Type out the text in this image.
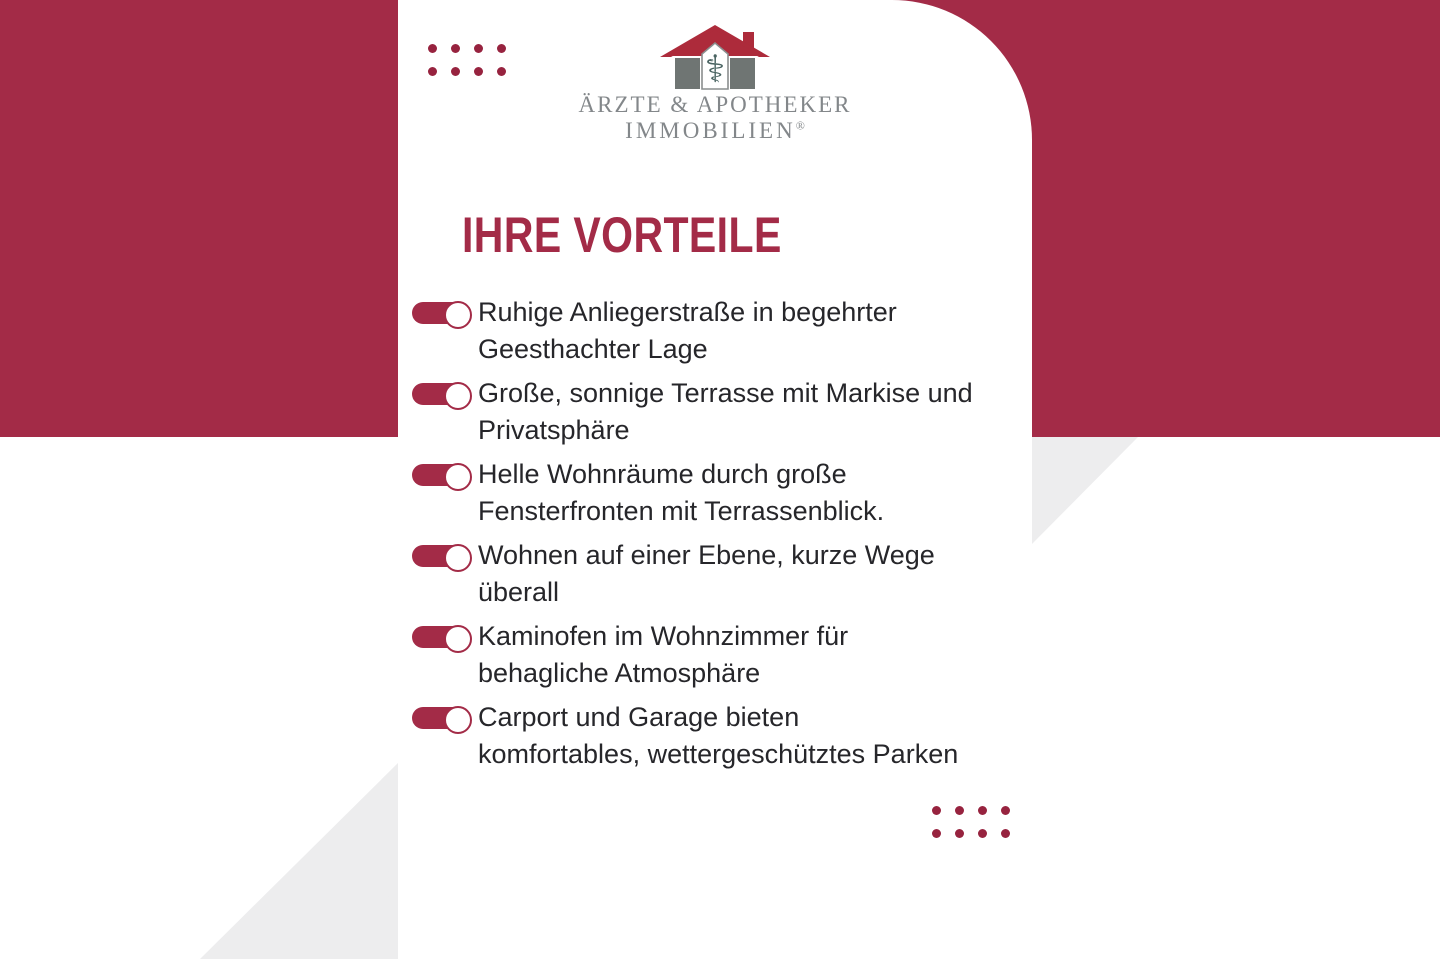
⚕
ÄRZTE & APOTHEKER
IMMOBILIEN®
IHRE VORTEILE
Ruhige Anliegerstraße in begehrter
Geesthachter Lage
Große, sonnige Terrasse mit Markise und
Privatsphäre
Helle Wohnräume durch große
Fensterfronten mit Terrassenblick.
Wohnen auf einer Ebene, kurze Wege
überall
Kaminofen im Wohnzimmer für
behagliche Atmosphäre
Carport und Garage bieten
komfortables, wettergeschütztes Parken
